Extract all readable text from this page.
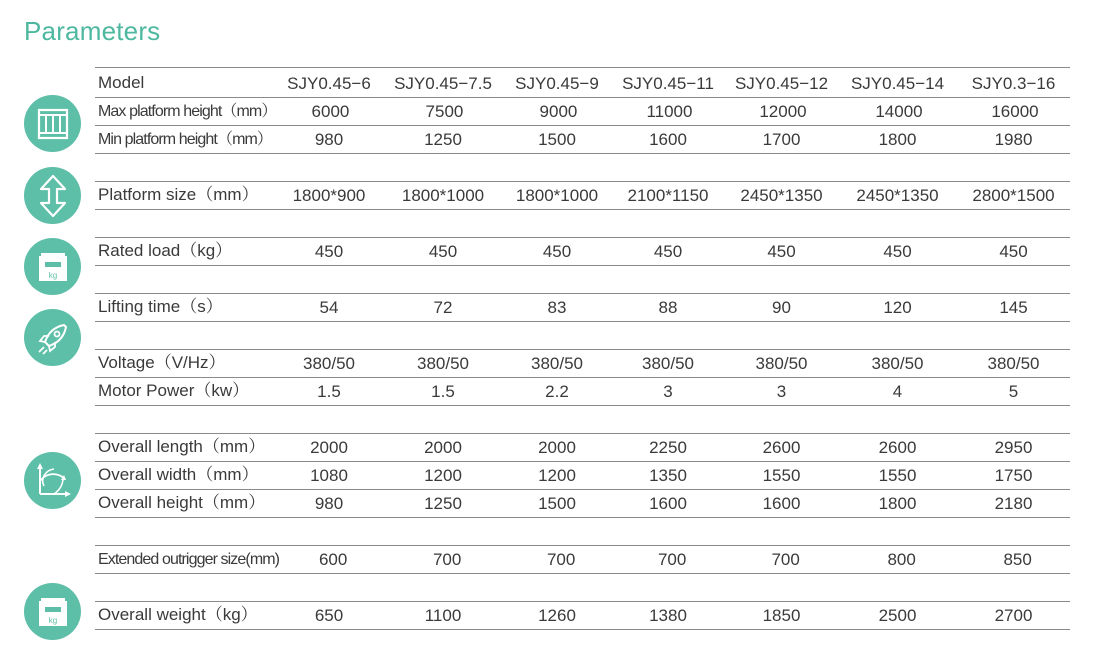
Parameters
kg
kg
Model	SJY0.45−6	SJY0.45−7.5	SJY0.45−9	SJY0.45−11	SJY0.45−12	SJY0.45−14	SJY0.3−16
Max platform height（mm）	6000	7500	9000	11000	12000	14000	16000
Min platform height（mm）	980	1250	1500	1600	1700	1800	1980
Platform size（mm）	1800*900	1800*1000	1800*1000	2100*1150	2450*1350	2450*1350	2800*1500
Rated load（kg）	450	450	450	450	450	450	450
Lifting time（s）	54	72	83	88	90	120	145
Voltage（V/Hz）	380/50	380/50	380/50	380/50	380/50	380/50	380/50
Motor Power（kw）	1.5	1.5	2.2	3	3	4	5
Overall length（mm）	2000	2000	2000	2250	2600	2600	2950
Overall width（mm）	1080	1200	1200	1350	1550	1550	1750
Overall height（mm）	980	1250	1500	1600	1600	1800	2180
Extended outrigger size(mm)	600	700	700	700	700	800	850
Overall weight（kg）	650	1100	1260	1380	1850	2500	2700
